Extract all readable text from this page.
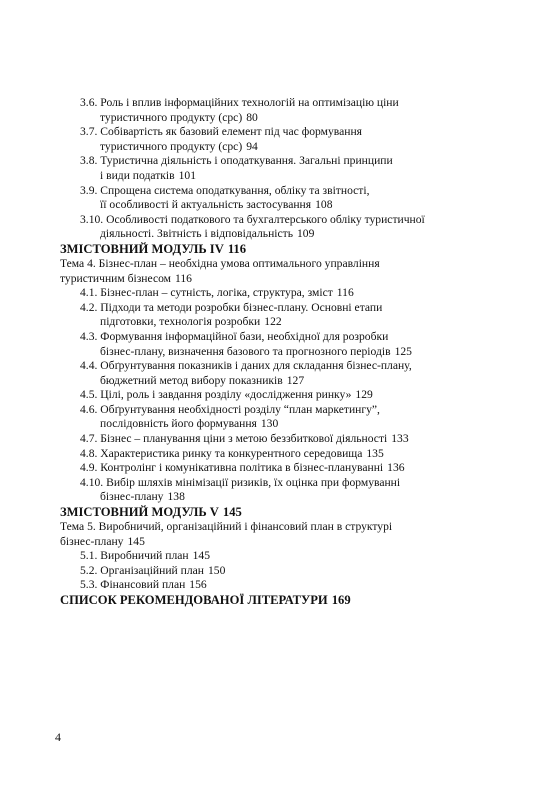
3.6. Роль і вплив інформаційних технологій на оптимізацію ціни
туристичного продукту (срс) 80
3.7. Собівартість як базовий елемент під час формування
туристичного продукту (срс) 94
3.8. Туристична діяльність і оподаткування. Загальні принципи
і види податків 101
3.9. Спрощена система оподаткування, обліку та звітності,
її особливості й актуальність застосування 108
3.10. Особливості податкового та бухгалтерського обліку туристичної
діяльності. Звітність і відповідальність 109
ЗМІСТОВНИЙ МОДУЛЬ IV 116
Тема 4. Бізнес-план – необхідна умова оптимального управління
туристичним бізнесом 116
4.1. Бізнес-план – сутність, логіка, структура, зміст 116
4.2. Підходи та методи розробки бізнес-плану. Основні етапи
підготовки, технологія розробки 122
4.3. Формування інформаційної бази, необхідної для розробки
бізнес-плану, визначення базового та прогнозного періодів 125
4.4. Обґрунтування показників і даних для складання бізнес-плану,
бюджетний метод вибору показників 127
4.5. Цілі, роль і завдання розділу «дослідження ринку» 129
4.6. Обґрунтування необхідності розділу “план маркетингу”,
послідовність його формування 130
4.7. Бізнес – планування ціни з метою беззбиткової діяльності 133
4.8. Характеристика ринку та конкурентного середовища 135
4.9. Контролінг і комунікативна політика в бізнес-плануванні 136
4.10. Вибір шляхів мінімізації ризиків, їх оцінка при формуванні
бізнес-плану 138
ЗМІСТОВНИЙ МОДУЛЬ V 145
Тема 5. Виробничий, організаційний і фінансовий план в структурі
бізнес-плану 145
5.1. Виробничий план 145
5.2. Організаційний план 150
5.3. Фінансовий план 156
СПИСОК РЕКОМЕНДОВАНОЇ ЛІТЕРАТУРИ 169
4
